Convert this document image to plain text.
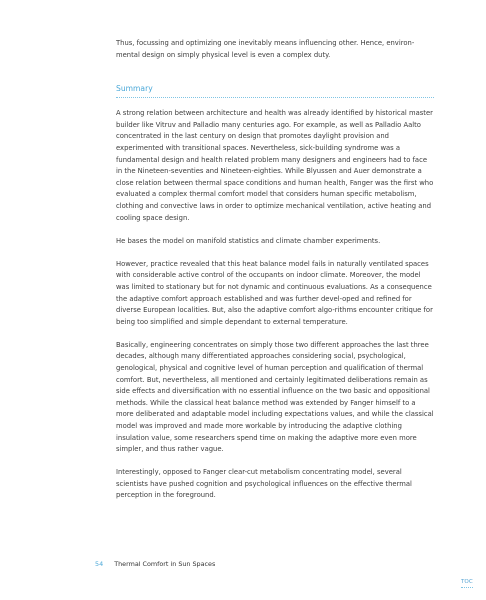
Thus, focussing and optimizing one inevitably means influencing other. Hence, environ-mental design on simply physical level is even a complex duty.

Summary

A strong relation between architecture and health was already identified by historical master builder like Vitruv and Palladio many centuries ago. For example, as well as Palladio Aalto concentrated in the last century on design that promotes daylight provision and experimented with transitional spaces. Nevertheless, sick-building syndrome was a fundamental design and health related problem many designers and engineers had to face in the Nineteen-seventies and Nineteen-eighties. While Blyussen and Auer demonstrate a close relation between thermal space conditions and human health, Fanger was the first who evaluated a complex thermal comfort model that considers human specific metabolism, clothing and convective laws in order to optimize mechanical ventilation, active heating and cooling space design.

He bases the model on manifold statistics and climate chamber experiments.

However, practice revealed that this heat balance model fails in naturally ventilated spaces with considerable active control of the occupants on indoor climate. Moreover, the model was limited to stationary but for not dynamic and continuous evaluations. As a consequence the adaptive comfort approach established and was further devel-oped and refined for diverse European localities. But, also the adaptive comfort algo-rithms encounter critique for being too simplified and simple dependant to external temperature.

Basically, engineering concentrates on simply those two different approaches the last three decades, although many differentiated approaches considering social, psychological, genological, physical and cognitive level of human perception and qualification of thermal comfort. But, nevertheless, all mentioned and certainly legitimated deliberations remain as side effects and diversification with no essential influence on the two basic and oppositional methods. While the classical heat balance method was extended by Fanger himself to a more deliberated and adaptable model including expectations values, and while the classical model was improved and made more workable by introducing the adaptive clothing insulation value, some researchers spend time on making the adaptive more even more simpler, and thus rather vague.

Interestingly, opposed to Fanger clear-cut metabolism concentrating model, several scientists have pushed cognition and psychological influences on the effective thermal perception in the foreground.

54 Thermal Comfort in Sun Spaces
TOC
